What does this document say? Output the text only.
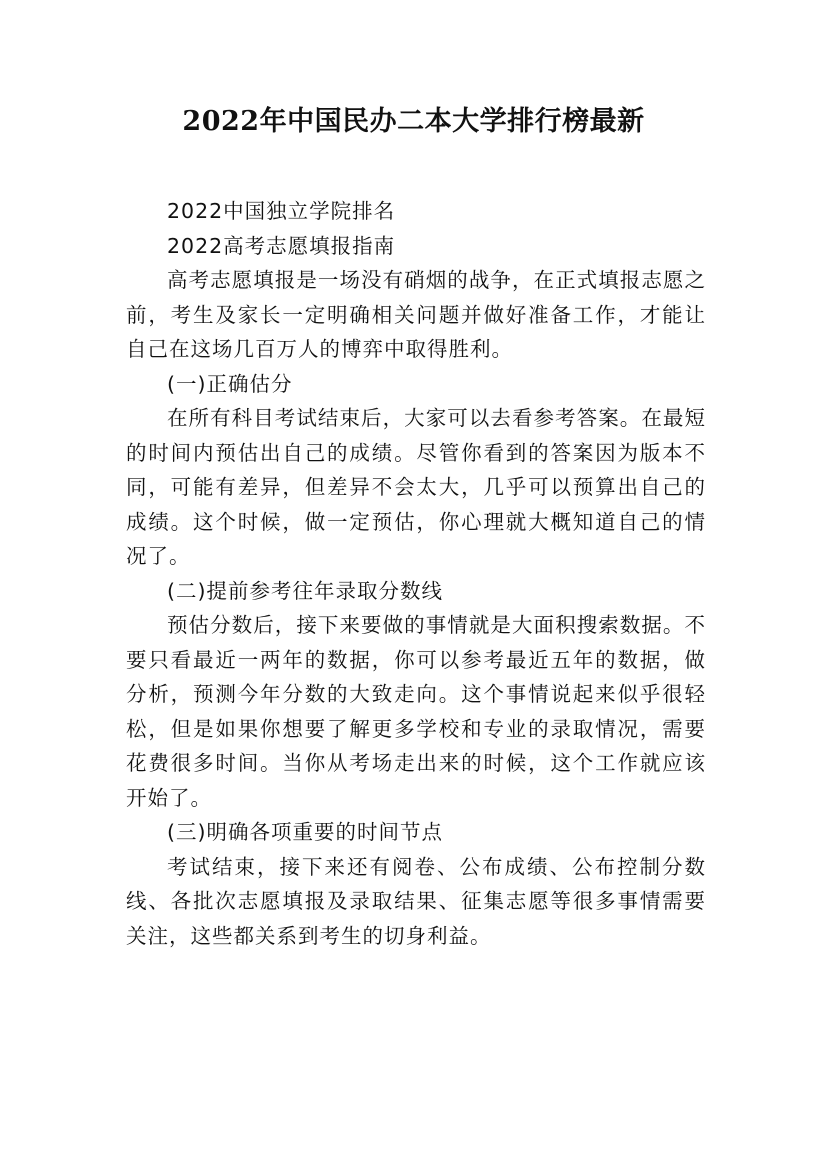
2022年中国民办二本大学排行榜最新

2022中国独立学院排名

2022高考志愿填报指南

高考志愿填报是一场没有硝烟的战争，在正式填报志愿之前，考生及家长一定明确相关问题并做好准备工作，才能让自己在这场几百万人的博弈中取得胜利。

(一)正确估分

在所有科目考试结束后，大家可以去看参考答案。在最短的时间内预估出自己的成绩。尽管你看到的答案因为版本不同，可能有差异，但差异不会太大，几乎可以预算出自己的成绩。这个时候，做一定预估，你心理就大概知道自己的情况了。

(二)提前参考往年录取分数线

预估分数后，接下来要做的事情就是大面积搜索数据。不要只看最近一两年的数据，你可以参考最近五年的数据，做分析，预测今年分数的大致走向。这个事情说起来似乎很轻松，但是如果你想要了解更多学校和专业的录取情况，需要花费很多时间。当你从考场走出来的时候，这个工作就应该开始了。

(三)明确各项重要的时间节点

考试结束，接下来还有阅卷、公布成绩、公布控制分数线、各批次志愿填报及录取结果、征集志愿等很多事情需要关注，这些都关系到考生的切身利益。
